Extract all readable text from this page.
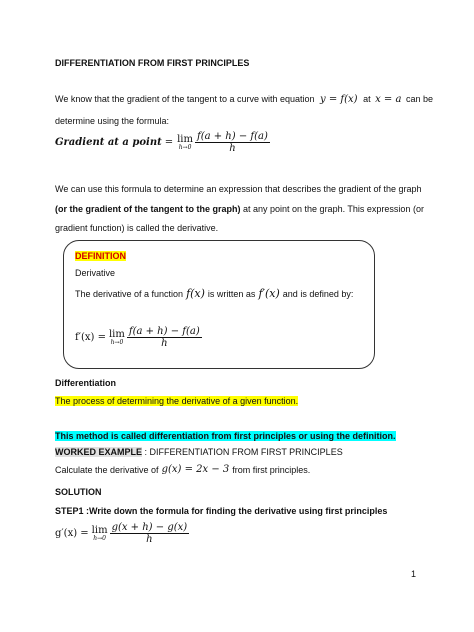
DIFFERENTIATION FROM FIRST PRINCIPLES
We know that the gradient of the tangent to a curve with equation y = f(x) at x = a can be
determine using the formula:
Gradient at a point = lim
$h\to 0 \frac{f(a + h) - f(a)}{h}$
We can use this formula to determine an expression that describes the gradient of the graph
(or the gradient of the tangent to the graph) at any point on the graph. This expression (or
gradient function) is called the derivative.
DEFINITION
Derivative
The derivative of a function f(x) is written as f′(x) and is defined by:
f′(x) = lim
$h\to 0 \frac{f(a + h) - f(a)}{h}$
Differentiation
The process of determining the derivative of a given function.
This method is called differentiation from first principles or using the definition.
WORKED EXAMPLE : DIFFERENTIATION FROM FIRST PRINCIPLES
Calculate the derivative of g(x) = 2x − 3 from first principles.
SOLUTION
STEP1 :Write down the formula for finding the derivative using first principles
g′(x) = lim
$h\to 0 \frac{g(x + h) - g(x)}{h}$
1
